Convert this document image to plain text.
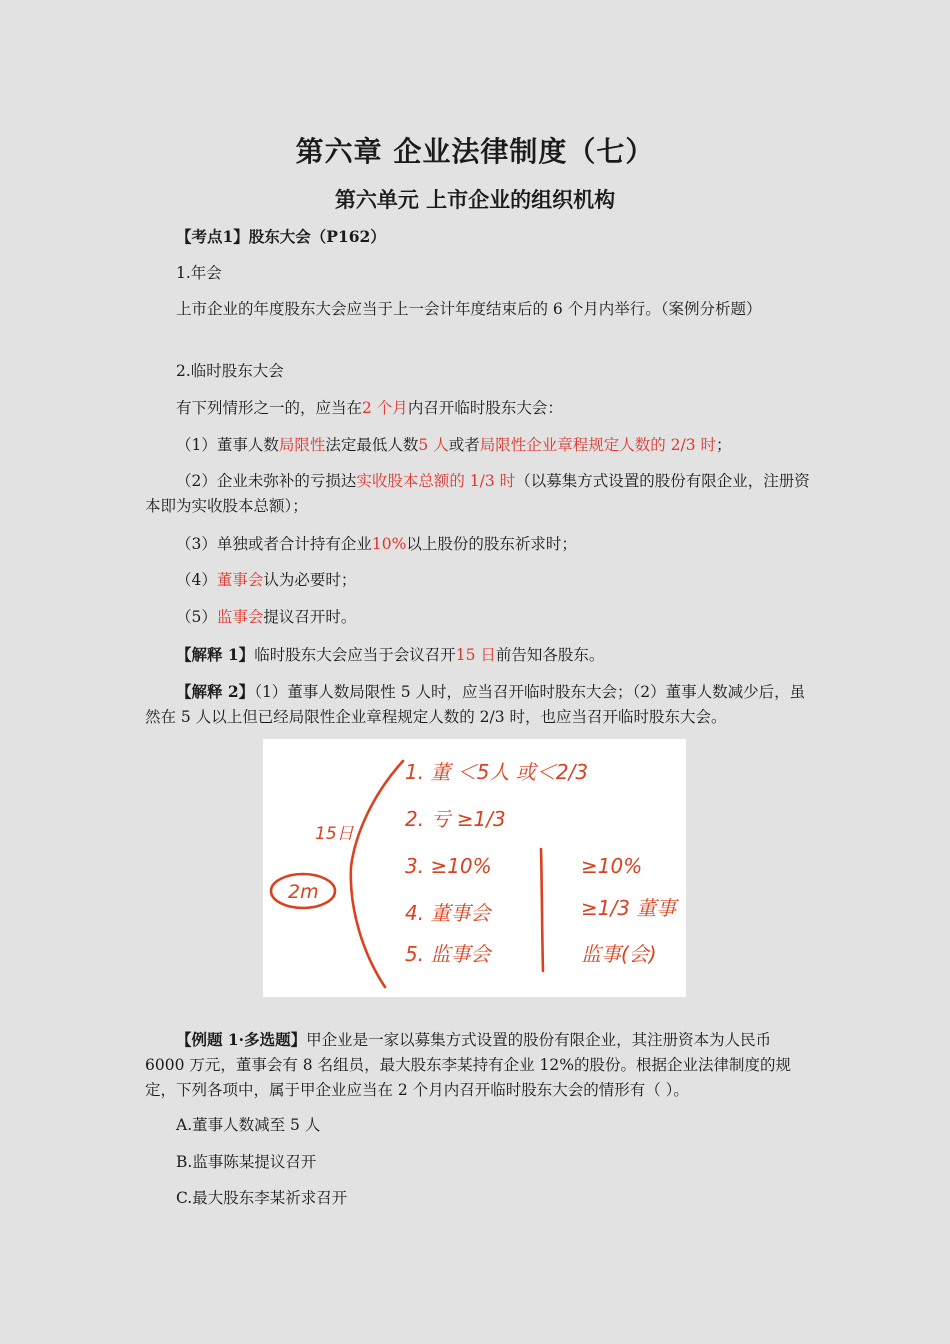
第六章 企业法律制度（七）
第六单元 上市企业的组织机构
【考点1】股东大会（P162）
1.年会
上市企业的年度股东大会应当于上一会计年度结束后的 6 个月内举行。（案例分析题）
2.临时股东大会
有下列情形之一的，应当在2 个月内召开临时股东大会：
（1）董事人数局限性法定最低人数5 人或者局限性企业章程规定人数的 2/3 时；
（2）企业未弥补的亏损达实收股本总额的 1/3 时（以募集方式设置的股份有限企业，注册资本即为实收股本总额）；
（3）单独或者合计持有企业10%以上股份的股东祈求时；
（4）董事会认为必要时；
（5）监事会提议召开时。
【解释 1】临时股东大会应当于会议召开15 日前告知各股东。
【解释 2】（1）董事人数局限性 5 人时，应当召开临时股东大会；（2）董事人数减少后，虽然在 5 人以上但已经局限性企业章程规定人数的 2/3 时，也应当召开临时股东大会。
2m
15日
1. 董 ＜5人 或＜2/3
2. 亏 ≥1/3
3. ≥10%
4. 董事会
5. 监事会
≥10%
≥1/3 董事
监事(会)
【例题 1·多选题】甲企业是一家以募集方式设置的股份有限企业，其注册资本为人民币 6000 万元，董事会有 8 名组员，最大股东李某持有企业 12%的股份。根据企业法律制度的规定，下列各项中，属于甲企业应当在 2 个月内召开临时股东大会的情形有（ ）。
A.董事人数减至 5 人
B.监事陈某提议召开
C.最大股东李某祈求召开
